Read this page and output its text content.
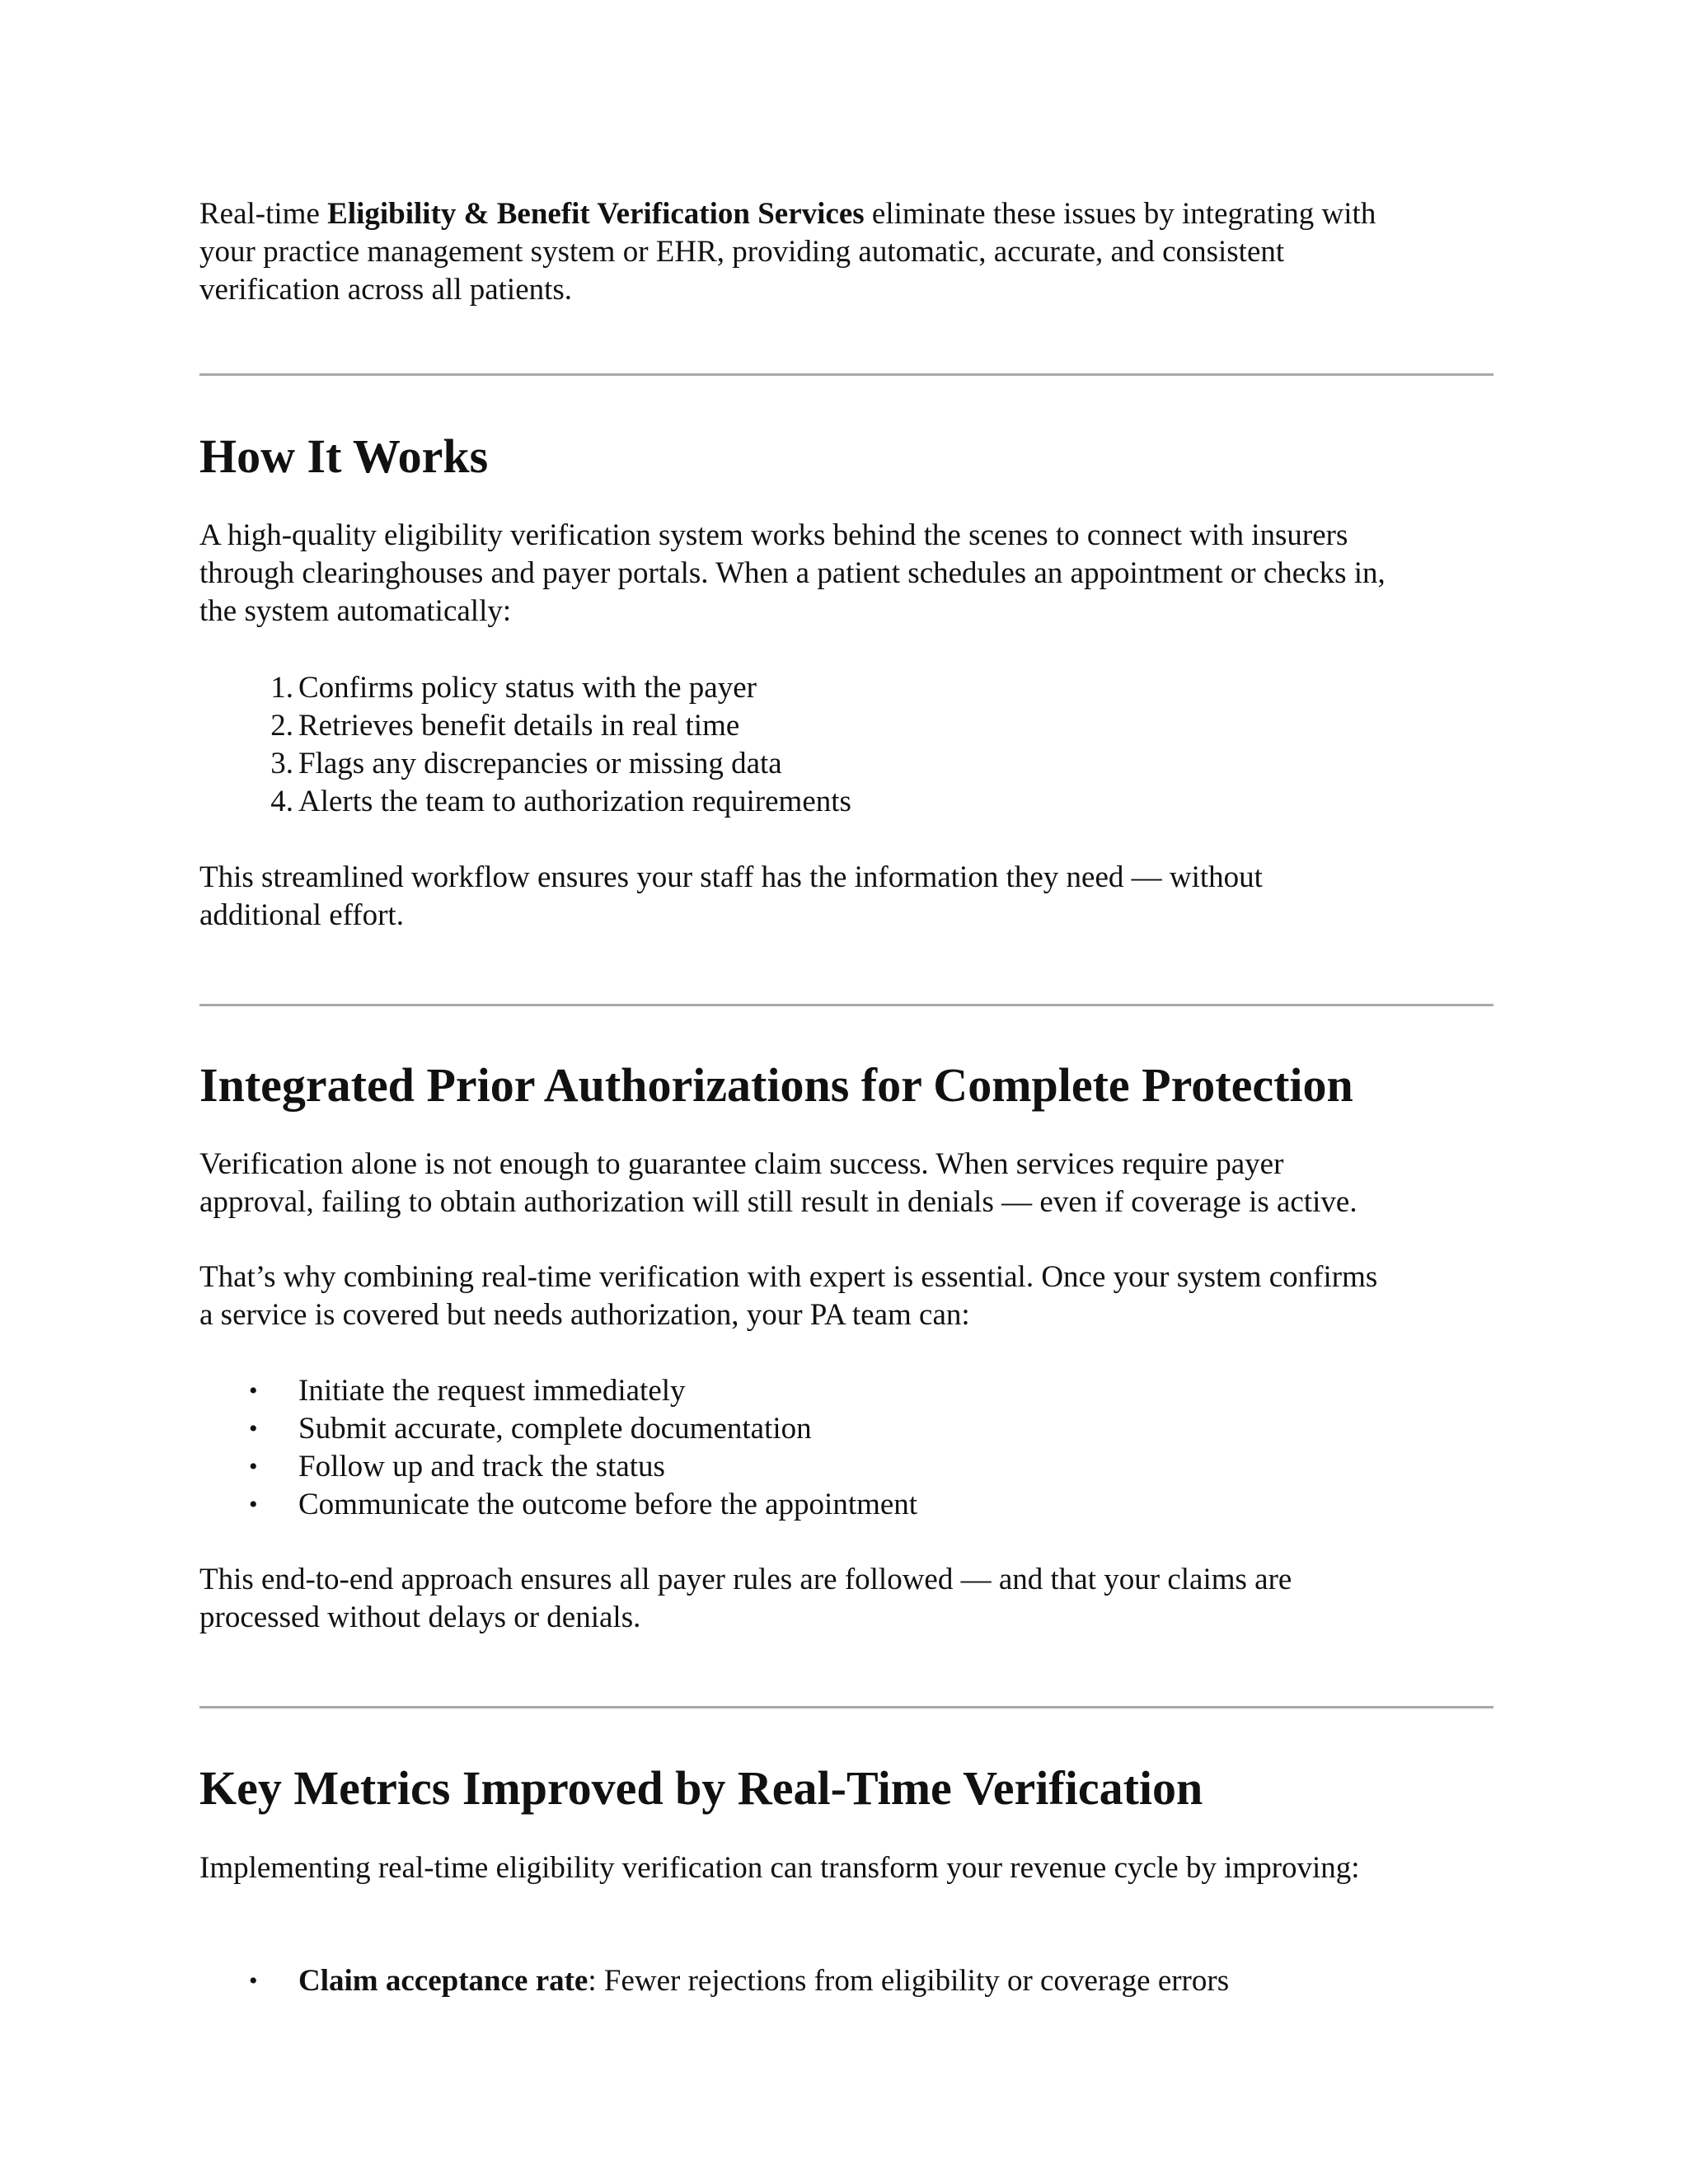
Real-time Eligibility & Benefit Verification Services eliminate these issues by integrating with

your practice management system or EHR, providing automatic, accurate, and consistent

verification across all patients.

How It Works

A high-quality eligibility verification system works behind the scenes to connect with insurers

through clearinghouses and payer portals. When a patient schedules an appointment or checks in,

the system automatically:

1. Confirms policy status with the payer
2. Retrieves benefit details in real time
3. Flags any discrepancies or missing data
4. Alerts the team to authorization requirements

This streamlined workflow ensures your staff has the information they need — without

additional effort.

Integrated Prior Authorizations for Complete Protection

Verification alone is not enough to guarantee claim success. When services require payer

approval, failing to obtain authorization will still result in denials — even if coverage is active.

That’s why combining real-time verification with expert is essential. Once your system confirms

a service is covered but needs authorization, your PA team can:

• Initiate the request immediately
• Submit accurate, complete documentation
• Follow up and track the status
• Communicate the outcome before the appointment

This end-to-end approach ensures all payer rules are followed — and that your claims are

processed without delays or denials.

Key Metrics Improved by Real-Time Verification

Implementing real-time eligibility verification can transform your revenue cycle by improving:

• Claim acceptance rate: Fewer rejections from eligibility or coverage errors
